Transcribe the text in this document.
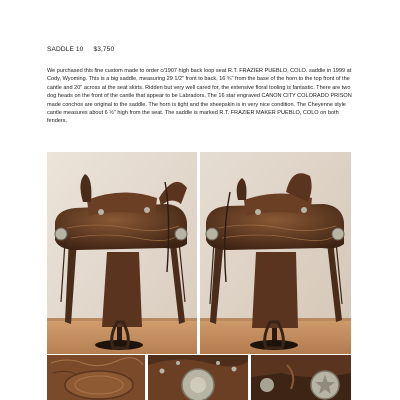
SADDLE 10 $3,750

We purchased this fine custom made to order c/1907 high back loop seat R.T. FRAZIER PUEBLO, COLO. saddle in 1999 at Cody, Wyoming. This is a big saddle, measuring 29 1/2" front to back, 16 ¾" from the base of the horn to the top front of the cantle and 20" across at the seat skirts. Ridden but very well cared for, the extensive floral tooling is fantastic. There are two dog heads on the front of the cantle that appear to be Labradors. The 16 star engraved CANON CITY COLORADO PRISON made conchos are original to the saddle. The horn is tight and the sheepskin is in very nice condition. The Cheyenne style cantle measures about 6 ½" high from the seat. The saddle is marked R.T. FRAZIER MAKER PUEBLO, COLO on both fenders.
